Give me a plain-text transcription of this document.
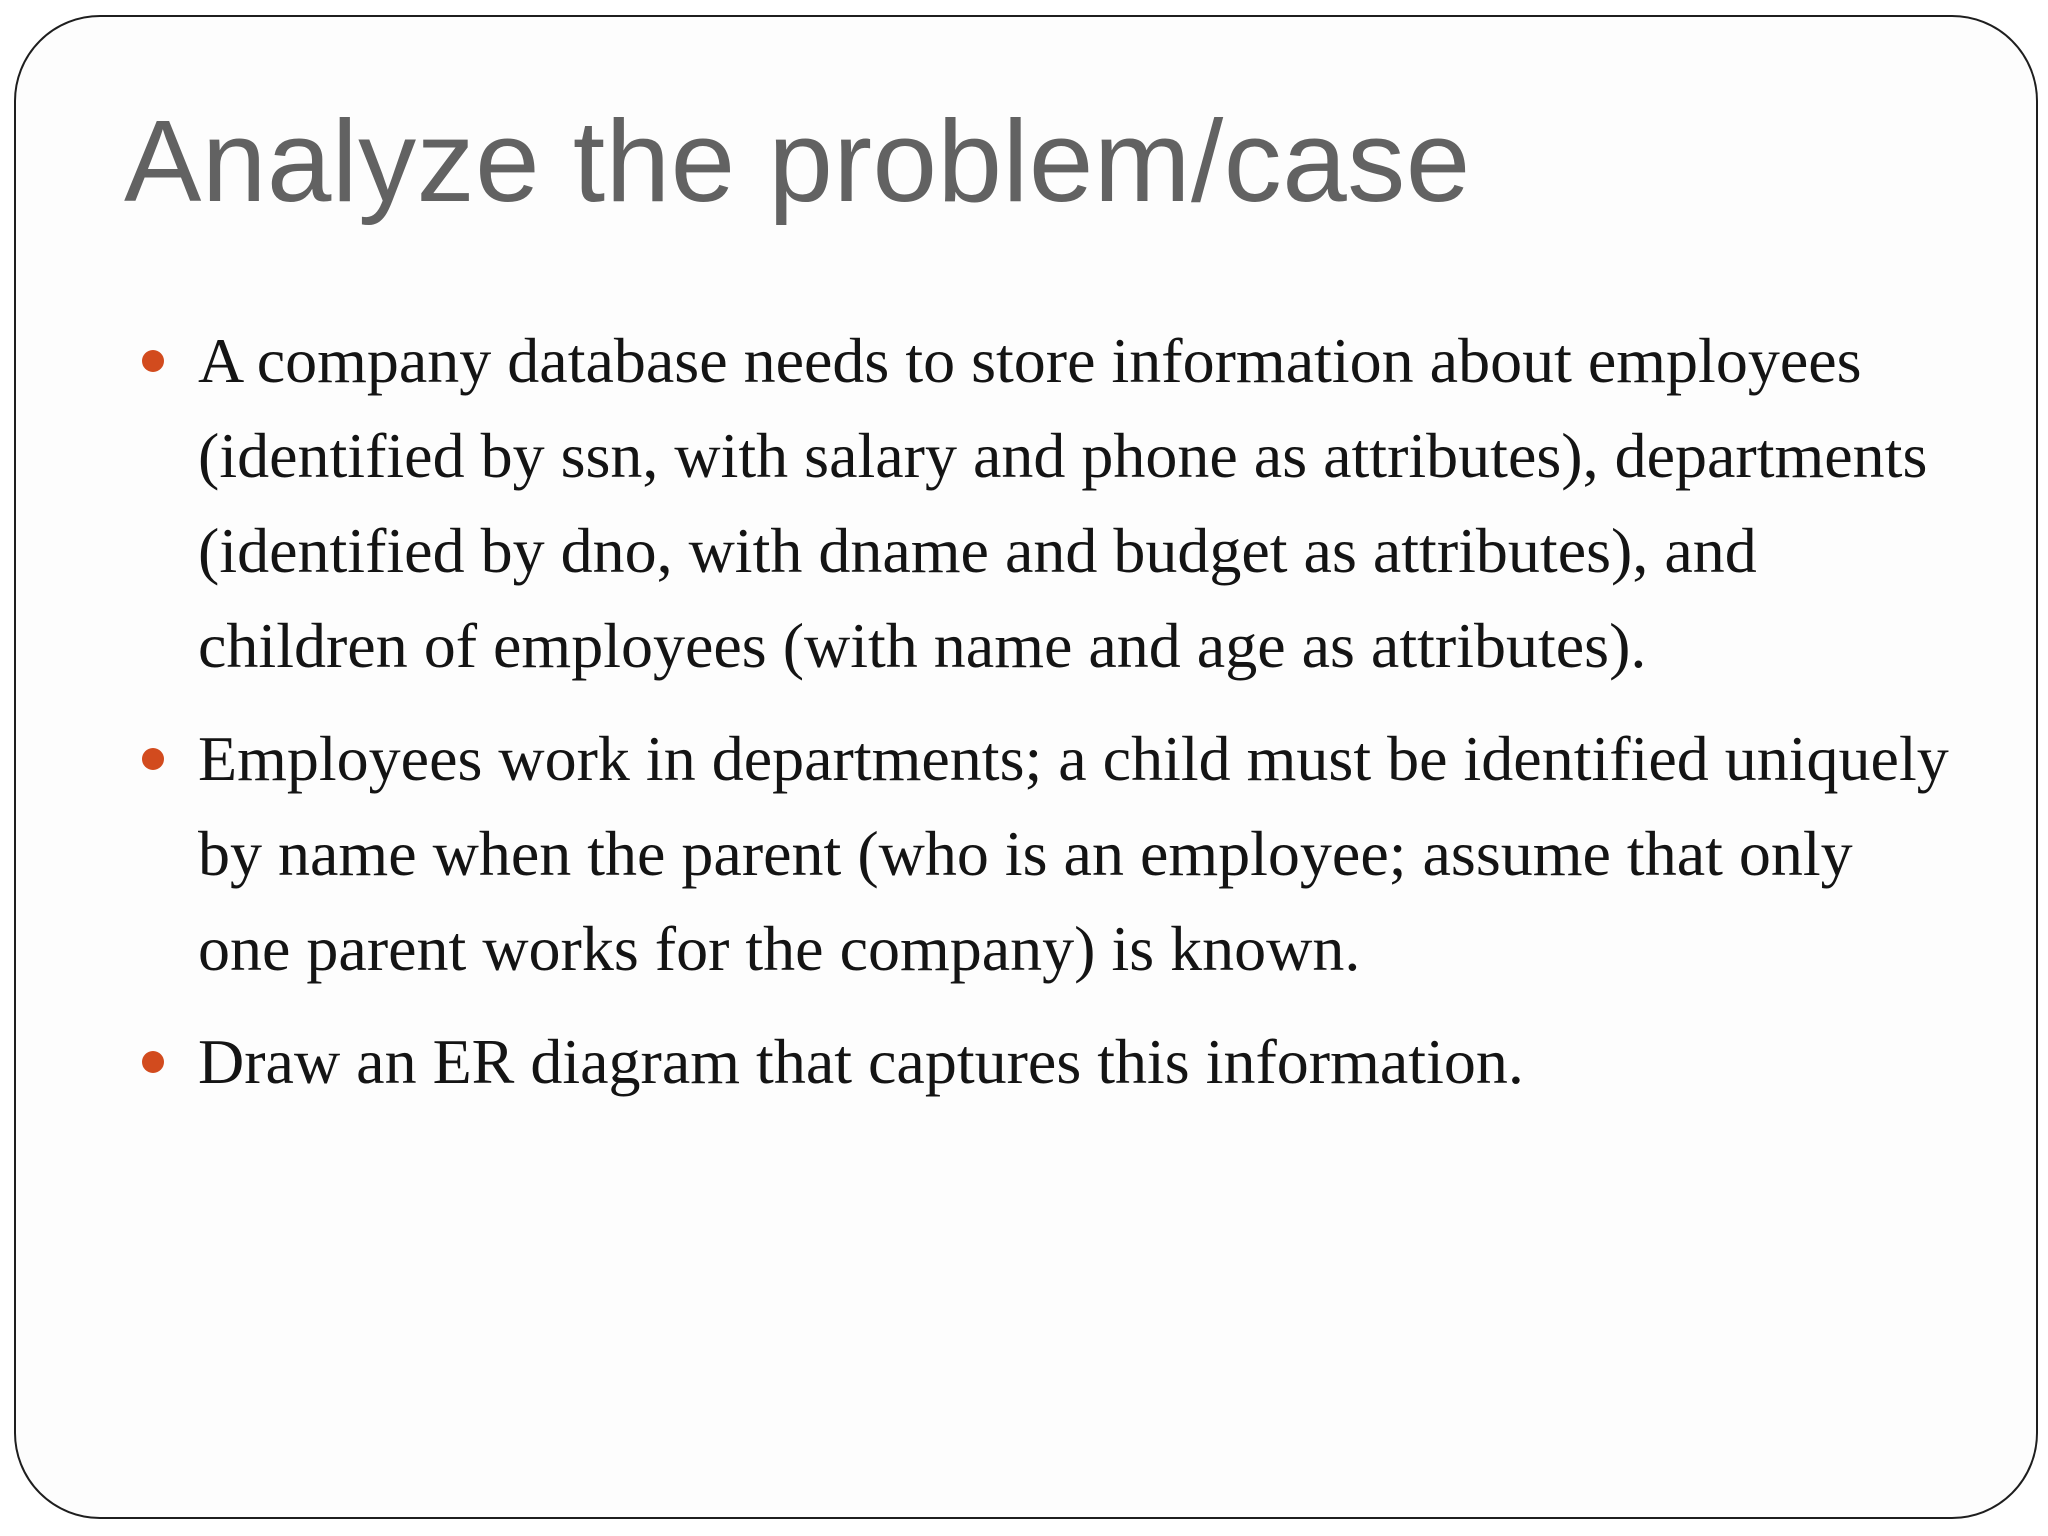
Analyze the problem/case
A company database needs to store information about employees (identified by ssn, with salary and phone as attributes), departments (identified by dno, with dname and budget as attributes), and children of employees (with name and age as attributes).
Employees work in departments; a child must be identified uniquely by name when the parent (who is an employee; assume that only one parent works for the company) is known.
Draw an ER diagram that captures this information.
